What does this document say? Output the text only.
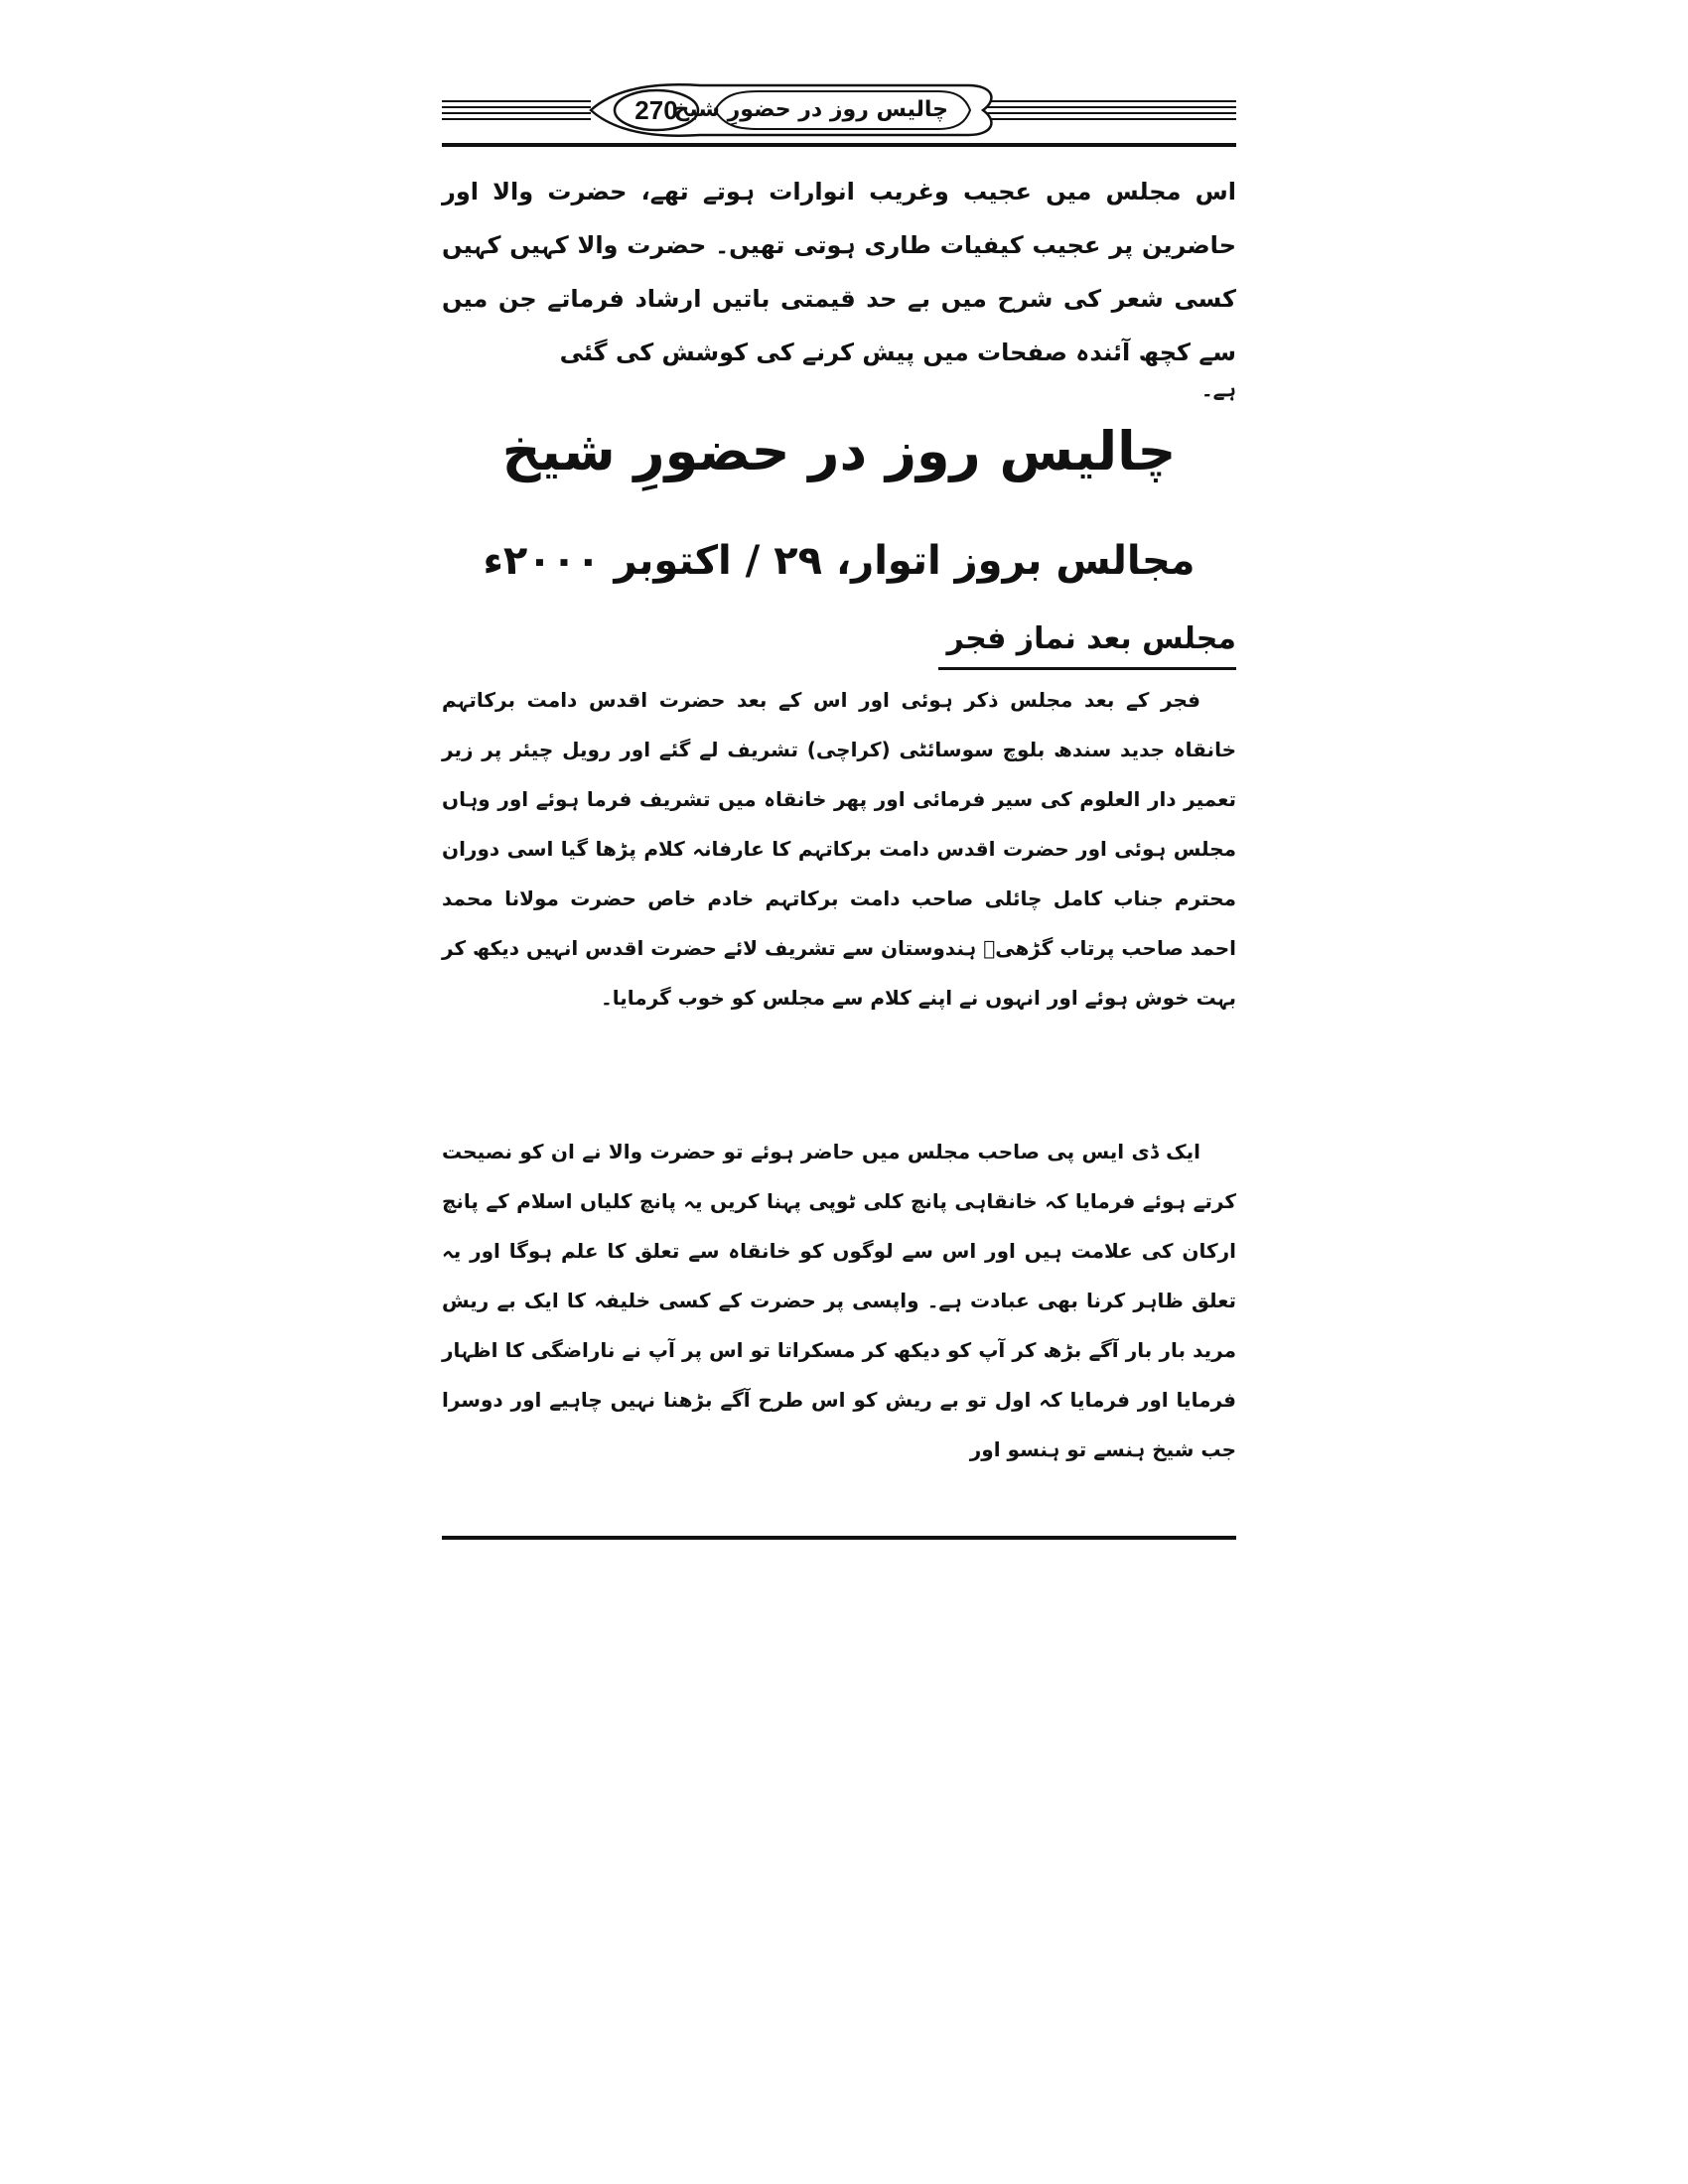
270
چالیس روز در حضورِ شیخ
اس مجلس میں عجیب وغریب انوارات ہوتے تھے، حضرت والا اور حاضرین پر عجیب کیفیات طاری ہوتی تھیں۔ حضرت والا کہیں کہیں کسی شعر کی شرح میں بے حد قیمتی باتیں ارشاد فرماتے جن میں سے کچھ آئندہ صفحات میں پیش کرنے کی کوشش کی گئی
ہے۔
چالیس روز در حضورِ شیخ
مجالس بروز اتوار، ۲۹ / اکتوبر ۲۰۰۰ء
مجلس بعد نماز فجر
فجر کے بعد مجلس ذکر ہوئی اور اس کے بعد حضرت اقدس دامت برکاتہم خانقاہ جدید سندھ بلوچ سوسائٹی (کراچی) تشریف لے گئے اور رویل چیئر پر زیر تعمیر دار العلوم کی سیر فرمائی اور پھر خانقاہ میں تشریف فرما ہوئے اور وہاں مجلس ہوئی اور حضرت اقدس دامت برکاتہم کا عارفانہ کلام پڑھا گیا اسی دوران محترم جناب کامل چائلی صاحب دامت برکاتہم خادم خاص حضرت مولانا محمد احمد صاحب پرتاب گڑھیؒ ہندوستان سے تشریف لائے حضرت اقدس انہیں دیکھ کر بہت خوش ہوئے اور انہوں نے اپنے کلام سے مجلس کو خوب گرمایا۔
ایک ڈی ایس پی صاحب مجلس میں حاضر ہوئے تو حضرت والا نے ان کو نصیحت کرتے ہوئے فرمایا کہ خانقاہی پانچ کلی ٹوپی پہنا کریں یہ پانچ کلیاں اسلام کے پانچ ارکان کی علامت ہیں اور اس سے لوگوں کو خانقاہ سے تعلق کا علم ہوگا اور یہ تعلق ظاہر کرنا بھی عبادت ہے۔ واپسی پر حضرت کے کسی خلیفہ کا ایک بے ریش مرید بار بار آگے بڑھ کر آپ کو دیکھ کر مسکراتا تو اس پر آپ نے ناراضگی کا اظہار فرمایا اور فرمایا کہ اول تو بے ریش کو اس طرح آگے بڑھنا نہیں چاہیے اور دوسرا جب شیخ ہنسے تو ہنسو اور
